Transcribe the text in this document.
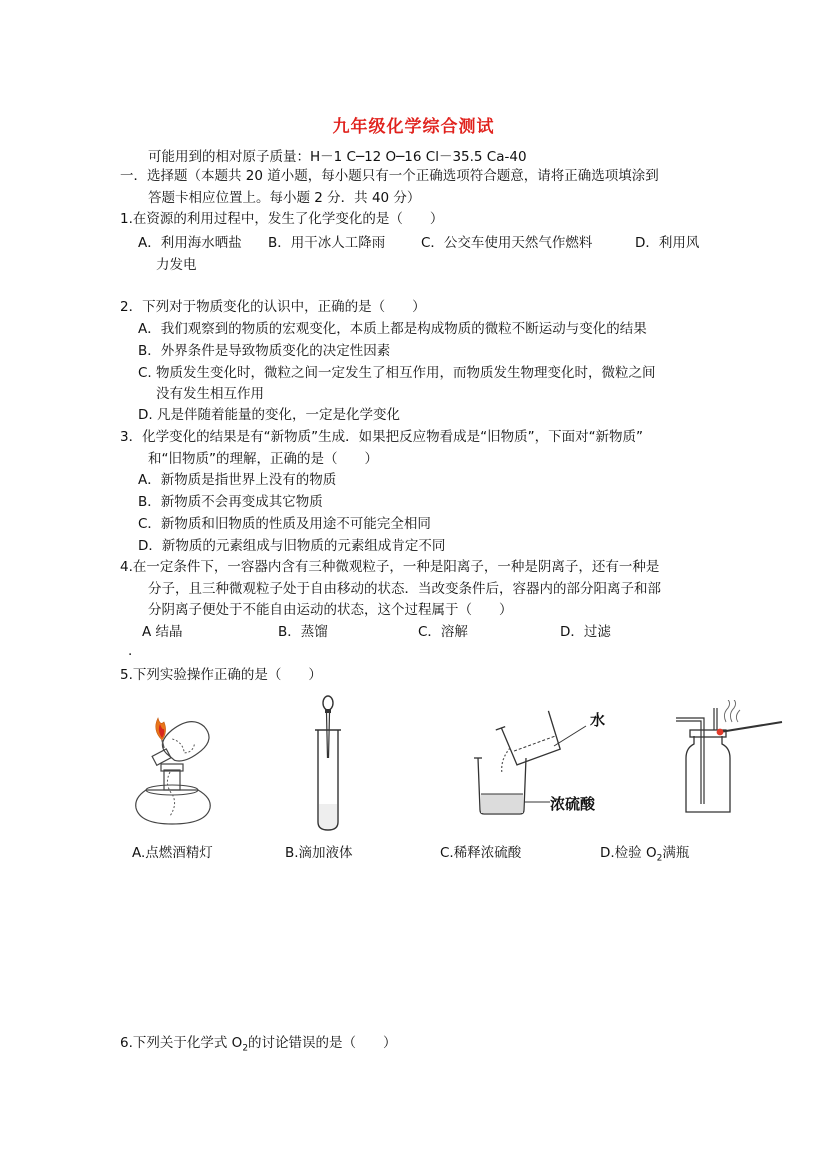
九年级化学综合测试
可能用到的相对原子质量：H－1 C─12 O─16 Cl－35.5 Ca-40
一．选择题（本题共 20 道小题，每小题只有一个正确选项符合题意，请将正确选项填涂到
答题卡相应位置上。每小题 2 分．共 40 分）
1.在资源的利用过程中，发生了化学变化的是（　　）
A．利用海水晒盐 B．用干冰人工降雨	C．公交车使用天然气作燃料	D．利用风
力发电
2．下列对于物质变化的认识中，正确的是（　　）
A．我们观察到的物质的宏观变化，本质上都是构成物质的微粒不断运动与变化的结果
B．外界条件是导致物质变化的决定性因素
C. 物质发生变化时，微粒之间一定发生了相互作用，而物质发生物理变化时，微粒之间
没有发生相互作用
D. 凡是伴随着能量的变化，一定是化学变化
3．化学变化的结果是有“新物质”生成．如果把反应物看成是“旧物质”，下面对“新物质”
和“旧物质”的理解，正确的是（　　）
A．新物质是指世界上没有的物质
B．新物质不会再变成其它物质
C．新物质和旧物质的性质及用途不可能完全相同
D．新物质的元素组成与旧物质的元素组成肯定不同
4.在一定条件下，一容器内含有三种微观粒子，一种是阳离子，一种是阴离子，还有一种是
分子，且三种微观粒子处于自由移动的状态．当改变条件后，容器内的部分阳离子和部
分阴离子便处于不能自由运动的状态，这个过程属于（　　）
A 结晶	B．蒸馏	C．溶解	D．过滤
.
5.下列实验操作正确的是（　　）
A.点燃酒精灯	B.滴加液体
水
浓硫酸
C.稀释浓硫酸	D.检验 $O_2$满瓶
6.下列关于化学式 $O_2$的讨论错误的是（　　）
